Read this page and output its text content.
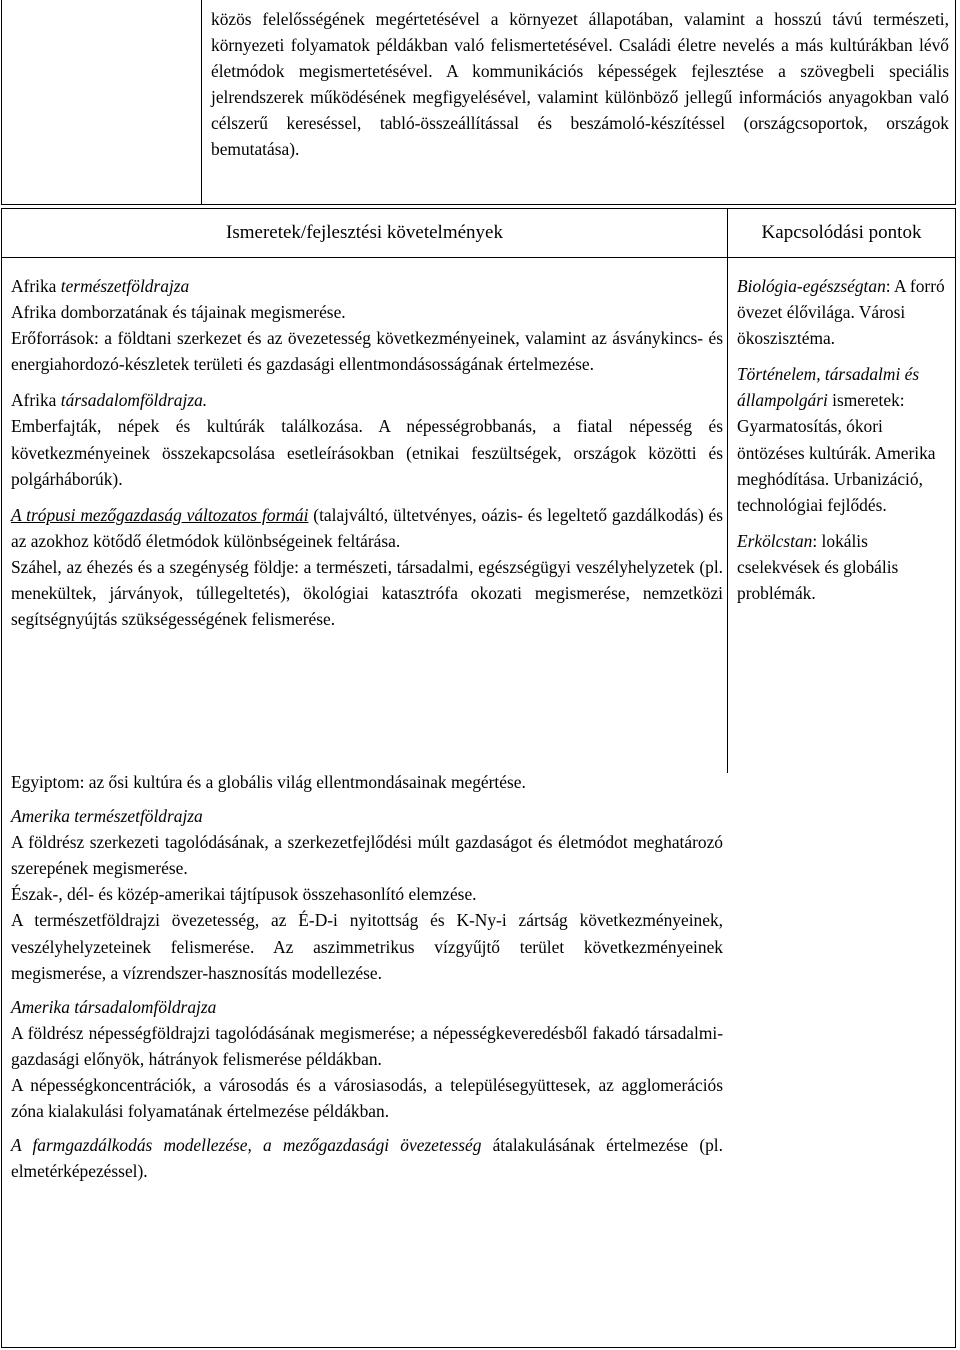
közös felelősségének megértetésével a környezet állapotában, valamint a hosszú távú természeti, környezeti folyamatok példákban való felismertetésével. Családi életre nevelés a más kultúrákban lévő életmódok megismertetésével. A kommunikációs képességek fejlesztése a szövegbeli speciális jelrendszerek működésének megfigyelésével, valamint különböző jellegű információs anyagokban való célszerű kereséssel, tabló-összeállítással és beszámoló-készítéssel (országcsoportok, országok bemutatása).

Ismeretek/fejlesztési követelmények	Kapcsolódási pontok

Afrika természetföldrajza

Afrika domborzatának és tájainak megismerése.

Erőforrások: a földtani szerkezet és az övezetesség következményeinek, valamint az ásványkincs- és energiahordozó-készletek területi és gazdasági ellentmondásosságának értelmezése.

Afrika társadalomföldrajza.

Emberfajták, népek és kultúrák találkozása. A népességrobbanás, a fiatal népesség és következményeinek összekapcsolása esetleírásokban (etnikai feszültségek, országok közötti és polgárháborúk).

A trópusi mezőgazdaság változatos formái (talajváltó, ültetvényes, oázis- és legeltető gazdálkodás) és az azokhoz kötődő életmódok különbségeinek feltárása.

Száhel, az éhezés és a szegénység földje: a természeti, társadalmi, egészségügyi veszélyhelyzetek (pl. menekültek, járványok, túllegeltetés), ökológiai katasztrófa okozati megismerése, nemzetközi segítségnyújtás szükségességének felismerése.

Biológia-egészségtan: A forró övezet élővilága. Városi ökoszisztéma.

Történelem, társadalmi és állampolgári ismeretek: Gyarmatosítás, ókori öntözéses kultúrák. Amerika meghódítása. Urbanizáció, technológiai fejlődés.

Erkölcstan: lokális cselekvések és globális problémák.

Egyiptom: az ősi kultúra és a globális világ ellentmondásainak megértése.

Amerika természetföldrajza

A földrész szerkezeti tagolódásának, a szerkezetfejlődési múlt gazdaságot és életmódot meghatározó szerepének megismerése.

Észak-, dél- és közép-amerikai tájtípusok összehasonlító elemzése.

A természetföldrajzi övezetesség, az É-D-i nyitottság és K-Ny-i zártság következményeinek, veszélyhelyzeteinek felismerése. Az aszimmetrikus vízgyűjtő terület következményeinek megismerése, a vízrendszer-hasznosítás modellezése.

Amerika társadalomföldrajza

A földrész népességföldrajzi tagolódásának megismerése; a népességkeveredésből fakadó társadalmi-gazdasági előnyök, hátrányok felismerése példákban.

A népességkoncentrációk, a városodás és a városiasodás, a településegyüttesek, az agglomerációs zóna kialakulási folyamatának értelmezése példákban.

A farmgazdálkodás modellezése, a mezőgazdasági övezetesség átalakulásának értelmezése (pl. elmetérképezéssel).
